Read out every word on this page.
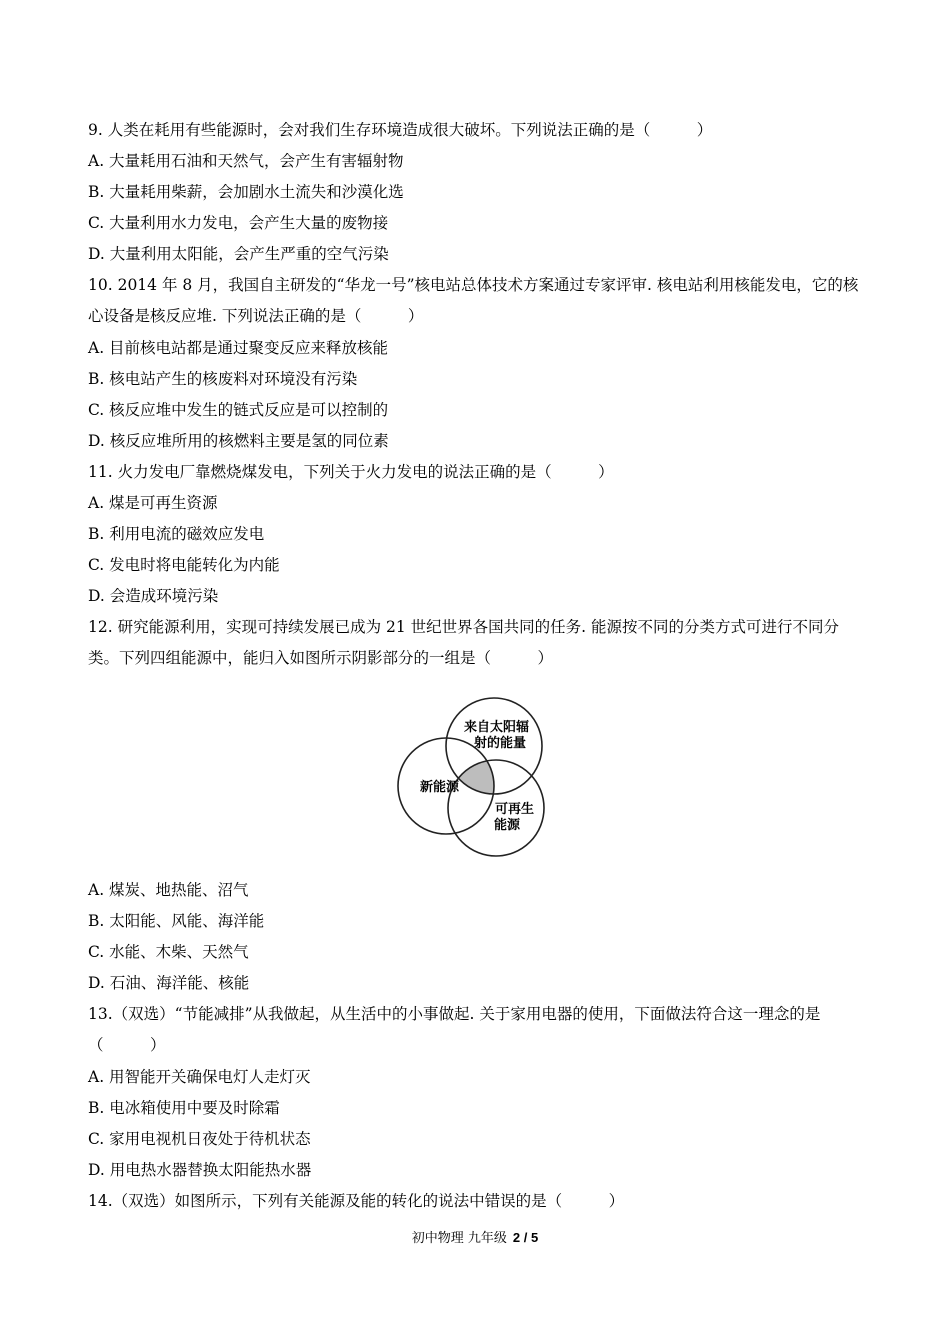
9. 人类在耗用有些能源时，会对我们生存环境造成很大破坏。下列说法正确的是（　　　）
A. 大量耗用石油和天然气，会产生有害辐射物
B. 大量耗用柴薪，会加剧水土流失和沙漠化选
C. 大量利用水力发电，会产生大量的废物接
D. 大量利用太阳能，会产生严重的空气污染
10. 2014 年 8 月，我国自主研发的“华龙一号”核电站总体技术方案通过专家评审. 核电站利用核能发电，它的核心设备是核反应堆. 下列说法正确的是（　　　）
A. 目前核电站都是通过聚变反应来释放核能
B. 核电站产生的核废料对环境没有污染
C. 核反应堆中发生的链式反应是可以控制的
D. 核反应堆所用的核燃料主要是氢的同位素
11. 火力发电厂靠燃烧煤发电，下列关于火力发电的说法正确的是（　　　）
A. 煤是可再生资源
B. 利用电流的磁效应发电
C. 发电时将电能转化为内能
D. 会造成环境污染
12. 研究能源利用，实现可持续发展已成为 21 世纪世界各国共同的任务. 能源按不同的分类方式可进行不同分类。下列四组能源中，能归入如图所示阴影部分的一组是（　　　）
新能源
来自太阳辐
射的能量
可再生
能源
A. 煤炭、地热能、沼气
B. 太阳能、风能、海洋能
C. 水能、木柴、天然气
D. 石油、海洋能、核能
13.（双选）“节能减排”从我做起，从生活中的小事做起. 关于家用电器的使用，下面做法符合这一理念的是（　　　）
A. 用智能开关确保电灯人走灯灭
B. 电冰箱使用中要及时除霜
C. 家用电视机日夜处于待机状态
D. 用电热水器替换太阳能热水器
14.（双选）如图所示，下列有关能源及能的转化的说法中错误的是（　　　）
初中物理 九年级 2 / 5
